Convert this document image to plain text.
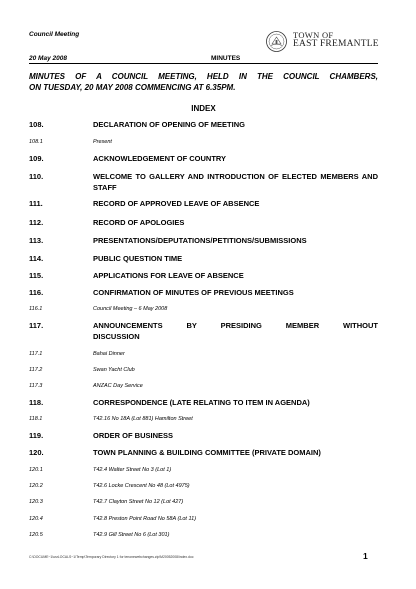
Council Meeting	TOWN OF
EAST FREMANTLE
20 May 2008	MINUTES
MINUTES OF A COUNCIL MEETING, HELD IN THE COUNCIL CHAMBERS,
ON TUESDAY, 20 MAY 2008 COMMENCING AT 6.35PM.
INDEX
108.	DECLARATION OF OPENING OF MEETING
108.1	Present
109.	ACKNOWLEDGEMENT OF COUNTRY
110.	WELCOME TO GALLERY AND INTRODUCTION OF ELECTED MEMBERS AND STAFF
111.	RECORD OF APPROVED LEAVE OF ABSENCE
112.	RECORD OF APOLOGIES
113.	PRESENTATIONS/DEPUTATIONS/PETITIONS/SUBMISSIONS
114.	PUBLIC QUESTION TIME
115.	APPLICATIONS FOR LEAVE OF ABSENCE
116.	CONFIRMATION OF MINUTES OF PREVIOUS MEETINGS
116.1	Council Meeting – 6 May 2008
117.	ANNOUNCEMENTS BY PRESIDING MEMBER WITHOUT
DISCUSSION
117.1	Bahai Dinner
117.2	Swan Yacht Club
117.3	ANZAC Day Service
118.	CORRESPONDENCE (LATE RELATING TO ITEM IN AGENDA)
118.1	T42.16 No 18A (Lot 881) Hamilton Street
119.	ORDER OF BUSINESS
120.	TOWN PLANNING & BUILDING COMMITTEE (PRIVATE DOMAIN)
120.1	T42.4 Walter Street No 3 (Lot 1)
120.2	T42.6 Locke Crescent No 48 (Lot 4975)
120.3	T42.7 Clayton Street No 12 (Lot 427)
120.4	T42.8 Preston Point Road No 58A (Lot 11)
120.5	T42.9 Gill Street No 6 (Lot 301)
C:\DOCUME~1\usrLOCALS~1\Temp\Temporary Directory 1 for tenonewebchanges.zip\M20052008\index.doc	1
